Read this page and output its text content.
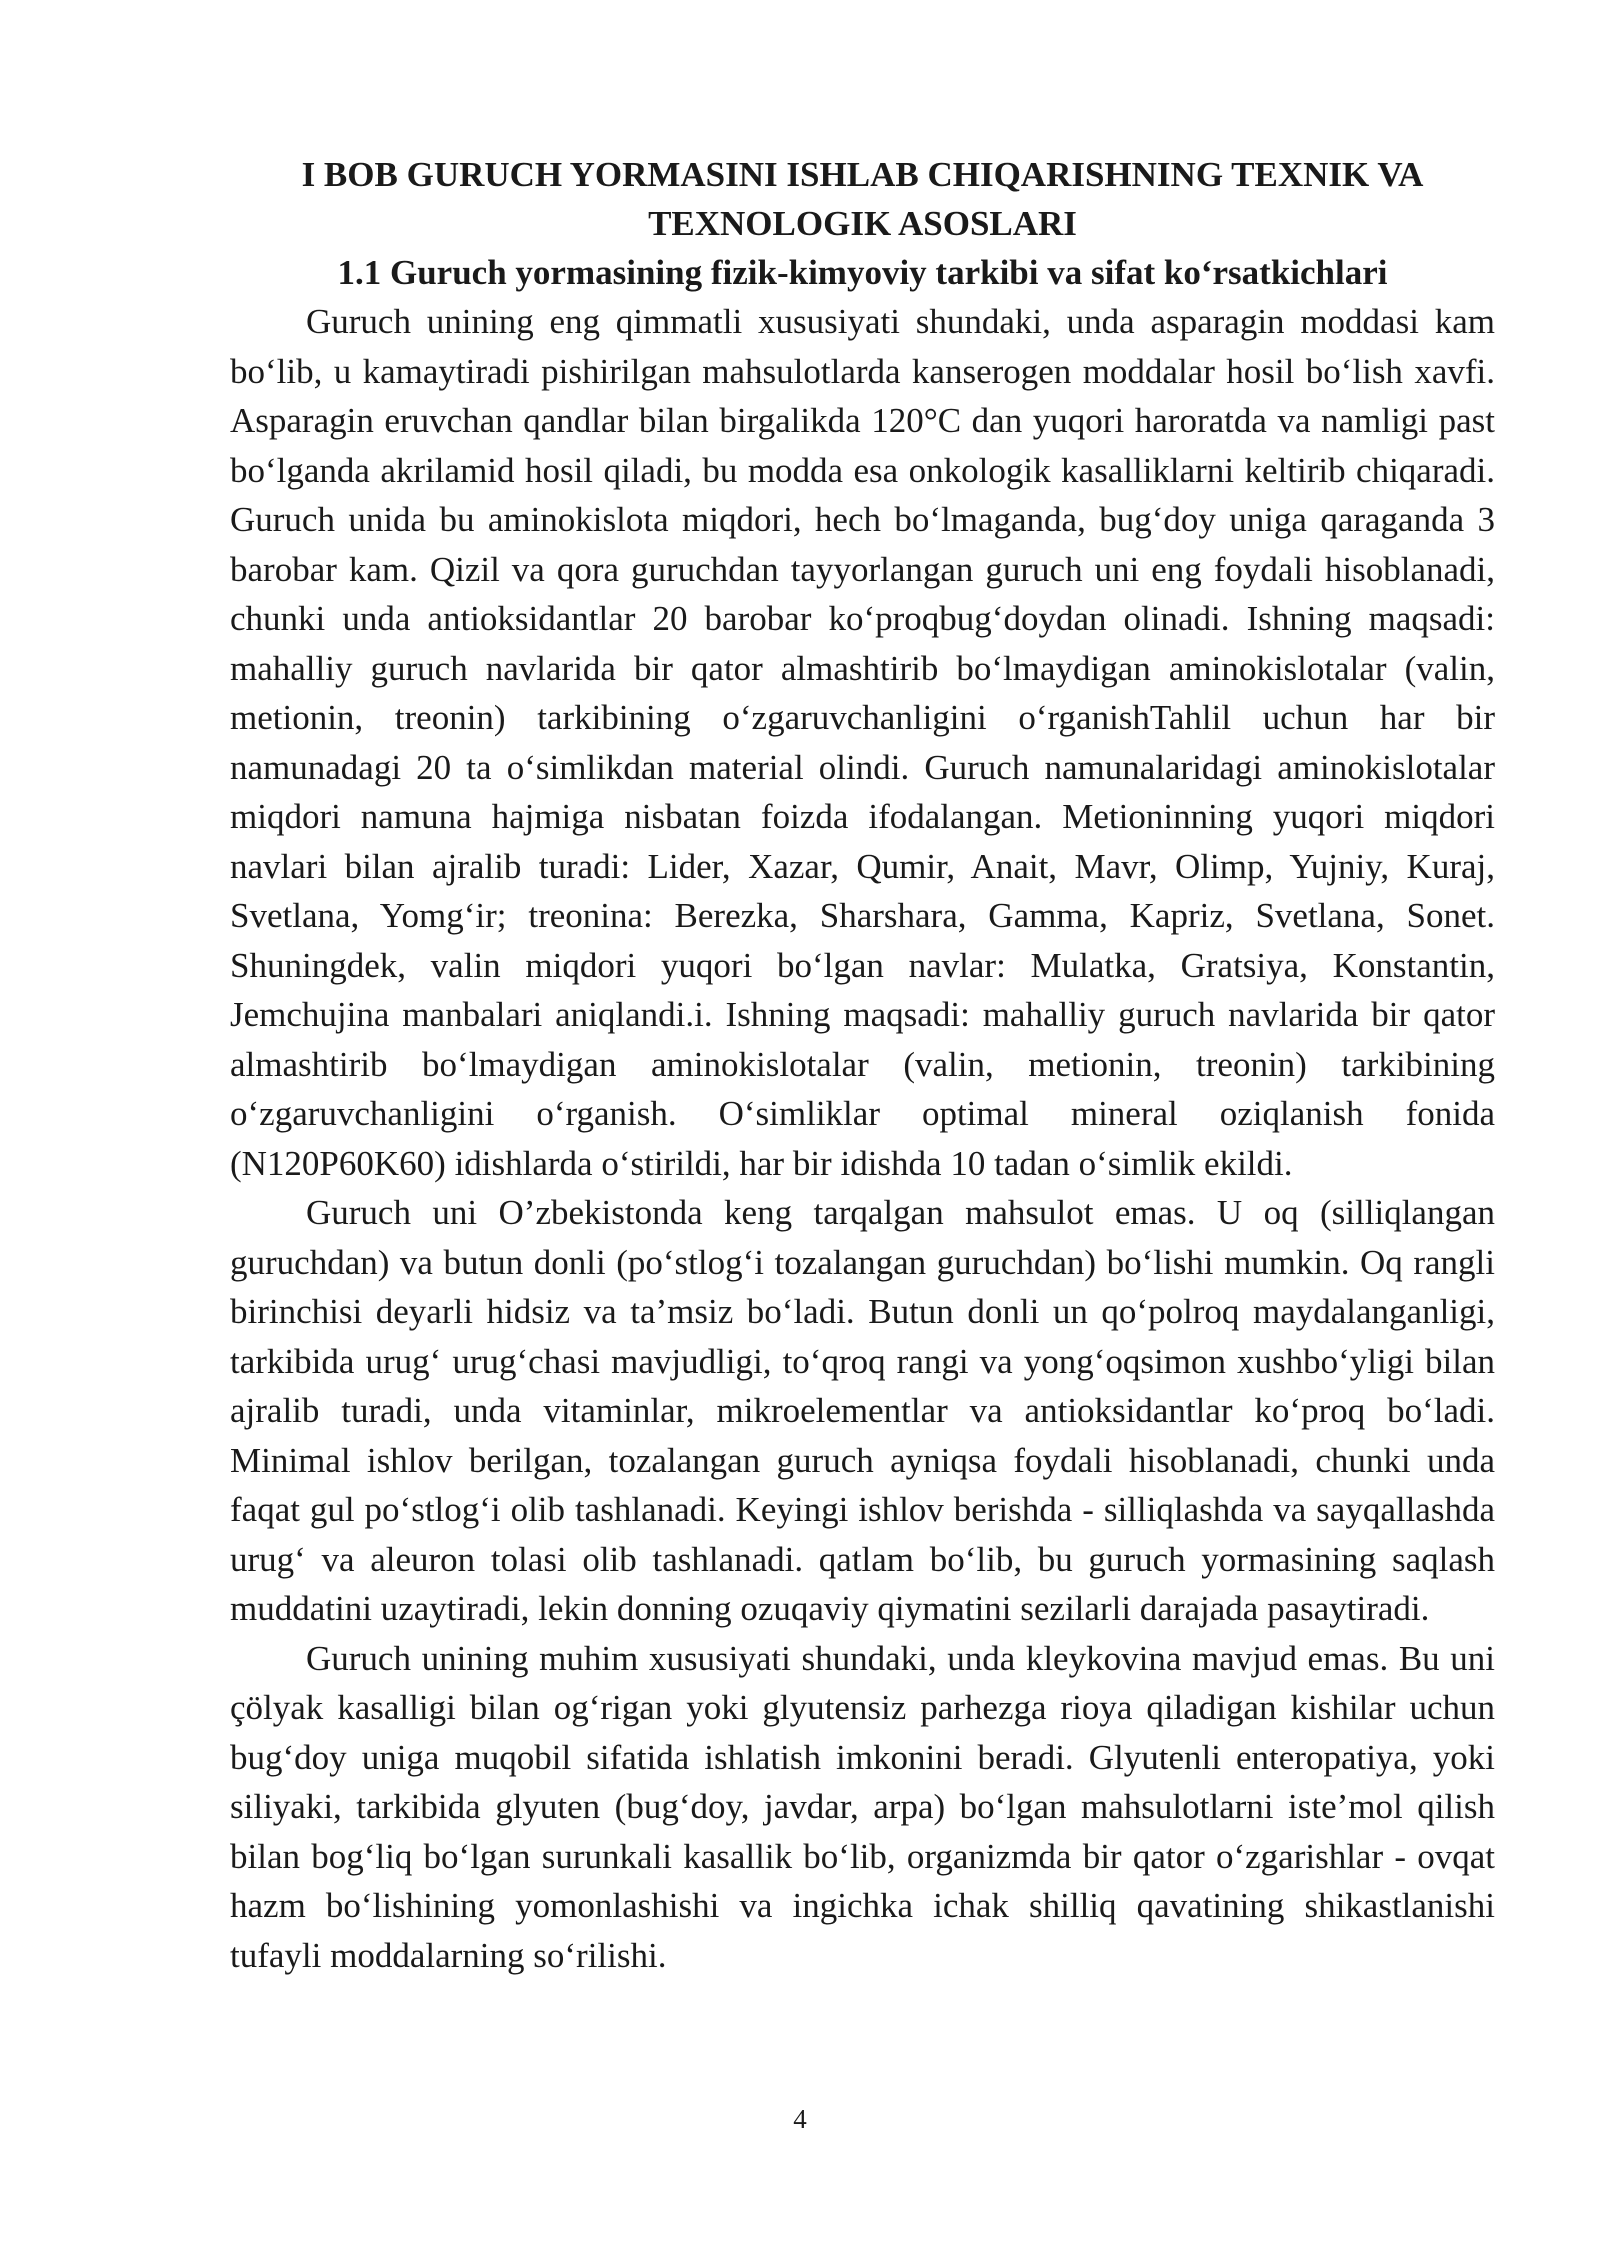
I BOB GURUCH YORMASINI ISHLAB CHIQARISHNING TEXNIK VA TEXNOLOGIK ASOSLARI
1.1 Guruch yormasining fizik-kimyoviy tarkibi va sifat koʻrsatkichlari

Guruch unining eng qimmatli xususiyati shundaki, unda asparagin moddasi kam boʻlib, u kamaytiradi pishirilgan mahsulotlarda kanserogen moddalar hosil boʻlish xavfi. Asparagin eruvchan qandlar bilan birgalikda 120°C dan yuqori haroratda va namligi past boʻlganda akrilamid hosil qiladi, bu modda esa onkologik kasalliklarni keltirib chiqaradi. Guruch unida bu aminokislota miqdori, hech boʻlmaganda, bugʻdoy uniga qaraganda 3 barobar kam. Qizil va qora guruchdan tayyorlangan guruch uni eng foydali hisoblanadi, chunki unda antioksidantlar 20 barobar koʻproqbugʻdoydan olinadi. Ishning maqsadi: mahalliy guruch navlarida bir qator almashtirib boʻlmaydigan aminokislotalar (valin, metionin, treonin) tarkibining oʻzgaruvchanligini oʻrganishTahlil uchun har bir namunadagi 20 ta oʻsimlikdan material olindi. Guruch namunalaridagi aminokislotalar miqdori namuna hajmiga nisbatan foizda ifodalangan. Metioninning yuqori miqdori navlari bilan ajralib turadi: Lider, Xazar, Qumir, Anait, Mavr, Olimp, Yujniy, Kuraj, Svetlana, Yomgʻir; treonina: Berezka, Sharshara, Gamma, Kapriz, Svetlana, Sonet. Shuningdek, valin miqdori yuqori boʻlgan navlar: Mulatka, Gratsiya, Konstantin, Jemchujina manbalari aniqlandi.i. Ishning maqsadi: mahalliy guruch navlarida bir qator almashtirib boʻlmaydigan aminokislotalar (valin, metionin, treonin) tarkibining oʻzgaruvchanligini oʻrganish. Oʻsimliklar optimal mineral oziqlanish fonida (N120P60K60) idishlarda oʻstirildi, har bir idishda 10 tadan oʻsimlik ekildi.

Guruch uni O’zbekistonda keng tarqalgan mahsulot emas. U oq (silliqlangan guruchdan) va butun donli (poʻstlogʻi tozalangan guruchdan) boʻlishi mumkin. Oq rangli birinchisi deyarli hidsiz va ta’msiz boʻladi. Butun donli un qoʻpolroq maydalanganligi, tarkibida urugʻ urugʻchasi mavjudligi, toʻqroq rangi va yongʻoqsimon xushboʻyligi bilan ajralib turadi, unda vitaminlar, mikroelementlar va antioksidantlar koʻproq boʻladi. Minimal ishlov berilgan, tozalangan guruch ayniqsa foydali hisoblanadi, chunki unda faqat gul poʻstlogʻi olib tashlanadi. Keyingi ishlov berishda - silliqlashda va sayqallashda urugʻ va aleuron tolasi olib tashlanadi. qatlam boʻlib, bu guruch yormasining saqlash muddatini uzaytiradi, lekin donning ozuqaviy qiymatini sezilarli darajada pasaytiradi.

Guruch unining muhim xususiyati shundaki, unda kleykovina mavjud emas. Bu uni çölyak kasalligi bilan ogʻrigan yoki glyutensiz parhezga rioya qiladigan kishilar uchun bugʻdoy uniga muqobil sifatida ishlatish imkonini beradi. Glyutenli enteropatiya, yoki siliyaki, tarkibida glyuten (bugʻdoy, javdar, arpa) boʻlgan mahsulotlarni iste’mol qilish bilan bogʻliq boʻlgan surunkali kasallik boʻlib, organizmda bir qator oʻzgarishlar - ovqat hazm boʻlishining yomonlashishi va ingichka ichak shilliq qavatining shikastlanishi tufayli moddalarning soʻrilishi.

4
